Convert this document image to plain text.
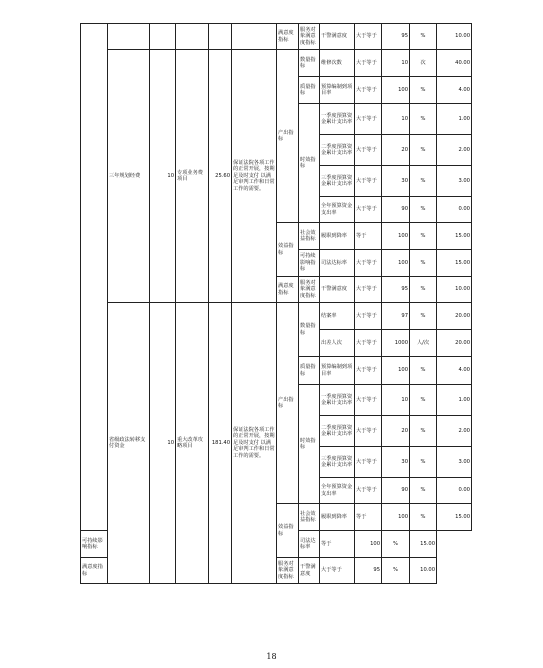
						满意度指标	服务对象满意度指标	干警满意度	大于等于	95	%	10.00
	三年规划经费	10	专项业务费项目	25.60	保证法院各项工作的正常开展，按期足及时支付 以满足审判工作和日常工作的需要。	产出指标	数量指标	维修次数	大于等于	10	次	40.00
							质量指标	预算编制到项目率	大于等于	100	%	4.00
							时效指标	一季度预算资金累计支出率	大于等于	10	%	1.00
								二季度预算资金累计支出率	大于等于	20	%	2.00
								三季度预算资金累计支出率	大于等于	30	%	3.00
								全年预算资金支出率	大于等于	90	%	0.00
						效益指标	社会效益指标	履职到降率	等于	100	%	15.00
							可持续影响指标	司法达标率	大于等于	100	%	15.00
						满意度指标	服务对象满意度指标	干警满意度	大于等于	95	%	10.00
	省级政法转移支付资金	10	重大改革攻略项目	181.40	保证法院各项工作的正常开展，按期足及时支付 以满足审判工作和日常工作的需要。	产出指标	数量指标	结案率	大于等于	97	%	20.00
								出差人次	大于等于	1000	人/次	20.00
							质量指标	预算编制到项目率	大于等于	100	%	4.00
							时效指标	一季度预算资金累计支出率	大于等于	10	%	1.00
								二季度预算资金累计支出率	大于等于	20	%	2.00
								三季度预算资金累计支出率	大于等于	30	%	3.00
								全年预算资金支出率	大于等于	90	%	0.00
						效益指标	社会效益指标	履职到降率	等于	100	%	15.00
可持续影响指标							司法达标率	等于	100	%	15.00	
满意度指标						服务对象满意度指标	干警满意度	大于等于	95	%	10.00	
18
